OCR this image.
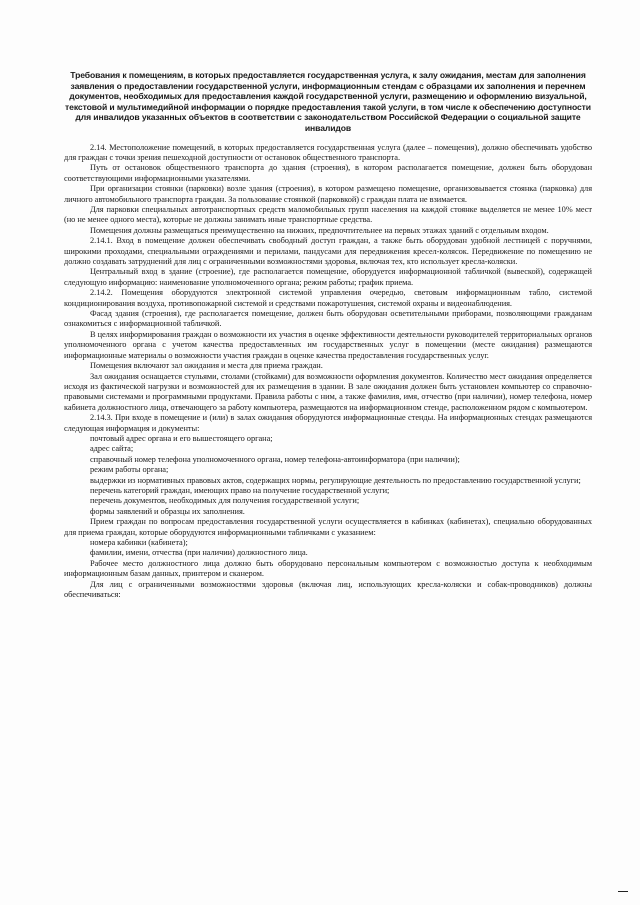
Требования к помещениям, в которых предоставляется государственная услуга, к залу ожидания, местам для заполнения заявления о предоставлении государственной услуги, информационным стендам с образцами их заполнения и перечнем документов, необходимых для предоставления каждой государственной услуги, размещению и оформлению визуальной, текстовой и мультимедийной информации о порядке предоставления такой услуги, в том числе к обеспечению доступности для инвалидов указанных объектов в соответствии с законодательством Российской Федерации о социальной защите инвалидов

2.14. Местоположение помещений, в которых предоставляется государственная услуга (далее – помещения), должно обеспечивать удобство для граждан с точки зрения пешеходной доступности от остановок общественного транспорта.

Путь от остановок общественного транспорта до здания (строения), в котором располагается помещение, должен быть оборудован соответствующими информационными указателями.

При организации стоянки (парковки) возле здания (строения), в котором размещено помещение, организовывается стоянка (парковка) для личного автомобильного транспорта граждан. За пользование стоянкой (парковкой) с граждан плата не взимается.

Для парковки специальных автотранспортных средств маломобильных групп населения на каждой стоянке выделяется не менее 10% мест (но не менее одного места), которые не должны занимать иные транспортные средства.

Помещения должны размещаться преимущественно на нижних, предпочтительнее на первых этажах зданий с отдельным входом.

2.14.1. Вход в помещение должен обеспечивать свободный доступ граждан, а также быть оборудован удобной лестницей с поручнями, широкими проходами, специальными ограждениями и перилами, пандусами для передвижения кресел-колясок. Передвижение по помещению не должно создавать затруднений для лиц с ограниченными возможностями здоровья, включая тех, кто использует кресла-коляски.

Центральный вход в здание (строение), где располагается помещение, оборудуется информационной табличкой (вывеской), содержащей следующую информацию: наименование уполномоченного органа; режим работы; график приема.

2.14.2. Помещения оборудуются электронной системой управления очередью, световым информационным табло, системой кондиционирования воздуха, противопожарной системой и средствами пожаротушения, системой охраны и видеонаблюдения.

Фасад здания (строения), где располагается помещение, должен быть оборудован осветительными приборами, позволяющими гражданам ознакомиться с информационной табличкой.

В целях информирования граждан о возможности их участия в оценке эффективности деятельности руководителей территориальных органов уполномоченного органа с учетом качества предоставленных им государственных услуг в помещении (месте ожидания) размещаются информационные материалы о возможности участия граждан в оценке качества предоставления государственных услуг.

Помещения включают зал ожидания и места для приема граждан.

Зал ожидания оснащается стульями, столами (стойками) для возможности оформления документов. Количество мест ожидания определяется исходя из фактической нагрузки и возможностей для их размещения в здании. В зале ожидания должен быть установлен компьютер со справочно-правовыми системами и программными продуктами. Правила работы с ним, а также фамилия, имя, отчество (при наличии), номер телефона, номер кабинета должностного лица, отвечающего за работу компьютера, размещаются на информационном стенде, расположенном рядом с компьютером.

2.14.3. При входе в помещение и (или) в залах ожидания оборудуются информационные стенды. На информационных стендах размещаются следующая информация и документы:

почтовый адрес органа и его вышестоящего органа;

адрес сайта;

справочный номер телефона уполномоченного органа, номер телефона-автоинформатора (при наличии);

режим работы органа;

выдержки из нормативных правовых актов, содержащих нормы, регулирующие деятельность по предоставлению государственной услуги;

перечень категорий граждан, имеющих право на получение государственной услуги;

перечень документов, необходимых для получения государственной услуги;

формы заявлений и образцы их заполнения.

Прием граждан по вопросам предоставления государственной услуги осуществляется в кабинках (кабинетах), специально оборудованных для приема граждан, которые оборудуются информационными табличками с указанием:

номера кабинки (кабинета);

фамилии, имени, отчества (при наличии) должностного лица.

Рабочее место должностного лица должно быть оборудовано персональным компьютером с возможностью доступа к необходимым информационным базам данных, принтером и сканером.

Для лиц с ограниченными возможностями здоровья (включая лиц, использующих кресла-коляски и собак-проводников) должны обеспечиваться:
